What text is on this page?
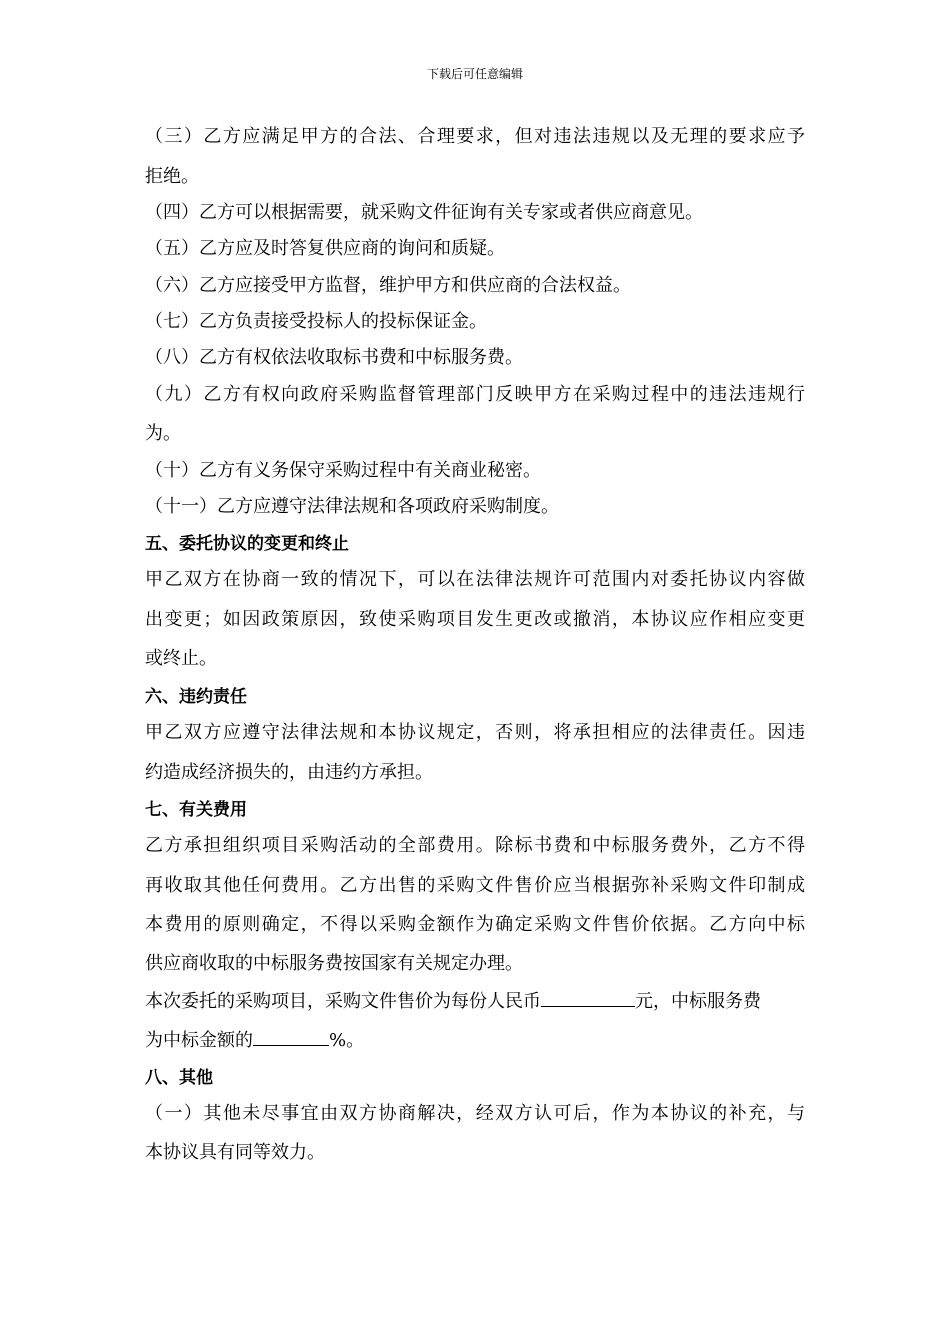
下载后可任意编辑
（三）乙方应满足甲方的合法、合理要求，但对违法违规以及无理的要求应予
拒绝。
（四）乙方可以根据需要，就采购文件征询有关专家或者供应商意见。
（五）乙方应及时答复供应商的询问和质疑。
（六）乙方应接受甲方监督，维护甲方和供应商的合法权益。
（七）乙方负责接受投标人的投标保证金。
（八）乙方有权依法收取标书费和中标服务费。
（九）乙方有权向政府采购监督管理部门反映甲方在采购过程中的违法违规行
为。
（十）乙方有义务保守采购过程中有关商业秘密。
（十一）乙方应遵守法律法规和各项政府采购制度。
五、委托协议的变更和终止
甲乙双方在协商一致的情况下，可以在法律法规许可范围内对委托协议内容做
出变更；如因政策原因，致使采购项目发生更改或撤消，本协议应作相应变更
或终止。
六、违约责任
甲乙双方应遵守法律法规和本协议规定，否则，将承担相应的法律责任。因违
约造成经济损失的，由违约方承担。
七、有关费用
乙方承担组织项目采购活动的全部费用。除标书费和中标服务费外，乙方不得
再收取其他任何费用。乙方出售的采购文件售价应当根据弥补采购文件印制成
本费用的原则确定，不得以采购金额作为确定采购文件售价依据。乙方向中标
供应商收取的中标服务费按国家有关规定办理。
本次委托的采购项目，采购文件售价为每份人民币	元，中标服务费
为中标金额的	%。
八、其他
（一）其他未尽事宜由双方协商解决，经双方认可后，作为本协议的补充，与
本协议具有同等效力。
